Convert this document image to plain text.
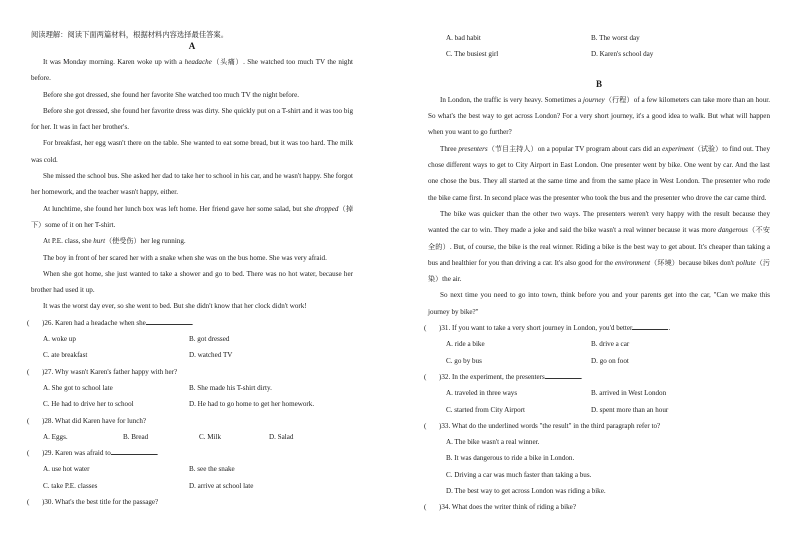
阅读理解：阅读下面两篇材料，根据材料内容选择最佳答案。
A

It was Monday morning. Karen woke up with a headache（头痛）. She watched too much TV the night before.

Before she got dressed, she found her favorite She watched too much TV the night before.

Before she got dressed, she found her favorite dress was dirty. She quickly put on a T-shirt and it was too big for her. It was in fact her brother's.

For breakfast, her egg wasn't there on the table. She wanted to eat some bread, but it was too hard. The milk was cold.

She missed the school bus. She asked her dad to take her to school in his car, and he wasn't happy. She forgot her homework, and the teacher wasn't happy, either.

At lunchtime, she found her lunch box was left home. Her friend gave her some salad, but she dropped（掉下）some of it on her T-shirt.

At P.E. class, she hurt（使受伤）her leg running.

The boy in front of her scared her with a snake when she was on the bus home. She was very afraid.

When she got home, she just wanted to take a shower and go to bed. There was no hot water, because her brother had used it up.

It was the worst day ever, so she went to bed. But she didn't know that her clock didn't work!

( )26. Karen had a headache when she	.
A. woke up	B. got dressed
C. ate breakfast	D. watched TV
( )27. Why wasn't Karen's father happy with her?
A. She got to school late	B. She made his T-shirt dirty.
C. He had to drive her to school	D. He had to go home to get her homework.
( )28. What did Karen have for lunch?
A. Eggs.	B. Bread	C. Milk	D. Salad
( )29. Karen was afraid to	.
A. use hot water	B. see the snake
C. take P.E. classes	D. arrive at school late
( )30. What's the best title for the passage?
A. bad habit	B. The worst day
C. The busiest girl	D. Karen's school day
B

In London, the traffic is very heavy. Sometimes a journey（行程）of a few kilometers can take more than an hour. So what's the best way to get across London? For a very short journey, it's a good idea to walk. But what will happen when you want to go further?

Three presenters（节目主持人）on a popular TV program about cars did an experiment（试验）to find out. They chose different ways to get to City Airport in East London. One presenter went by bike. One went by car. And the last one chose the bus. They all started at the same time and from the same place in West London. The presenter who rode the bike came first. In second place was the presenter who took the bus and the presenter who drove the car came third.

The bike was quicker than the other two ways. The presenters weren't very happy with the result because they wanted the car to win. They made a joke and said the bike wasn't a real winner because it was more dangerous（不安全的）. But, of course, the bike is the real winner. Riding a bike is the best way to get about. It's cheaper than taking a bus and healthier for you than driving a car. It's also good for the environment（环境）because bikes don't pollute（污染）the air.

So next time you need to go into town, think before you and your parents get into the car, "Can we make this journey by bike?"

( )31. If you want to take a very short journey in London, you'd better	.
A. ride a bike	B. drive a car
C. go by bus	D. go on foot
( )32. In the experiment, the presenters	.
A. traveled in three ways	B. arrived in West London
C. started from City Airport	D. spent more than an hour
( )33. What do the underlined words "the result" in the third paragraph refer to?
A. The bike wasn't a real winner.
B. It was dangerous to ride a bike in London.
C. Driving a car was much faster than taking a bus.
D. The best way to get across London was riding a bike.
( )34. What does the writer think of riding a bike?
